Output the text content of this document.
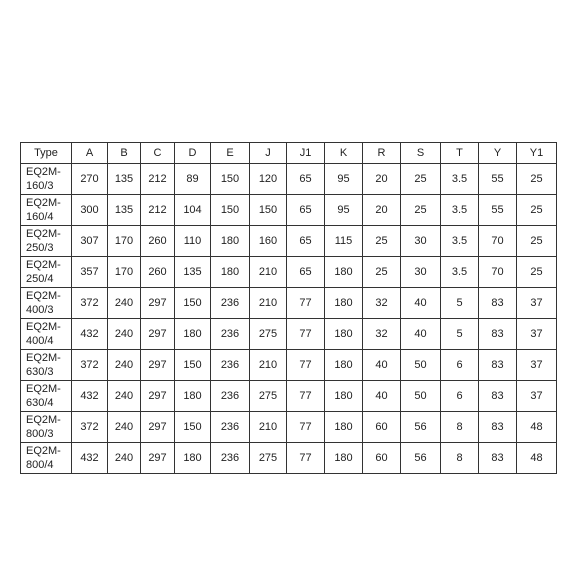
Type	A	B	C	D	E	J	J1	K	R	S	T	Y	Y1
EQ2M-
160/3	270	135	212	89	150	120	65	95	20	25	3.5	55	25
EQ2M-
160/4	300	135	212	104	150	150	65	95	20	25	3.5	55	25
EQ2M-
250/3	307	170	260	110	180	160	65	115	25	30	3.5	70	25
EQ2M-
250/4	357	170	260	135	180	210	65	180	25	30	3.5	70	25
EQ2M-
400/3	372	240	297	150	236	210	77	180	32	40	5	83	37
EQ2M-
400/4	432	240	297	180	236	275	77	180	32	40	5	83	37
EQ2M-
630/3	372	240	297	150	236	210	77	180	40	50	6	83	37
EQ2M-
630/4	432	240	297	180	236	275	77	180	40	50	6	83	37
EQ2M-
800/3	372	240	297	150	236	210	77	180	60	56	8	83	48
EQ2M-
800/4	432	240	297	180	236	275	77	180	60	56	8	83	48
